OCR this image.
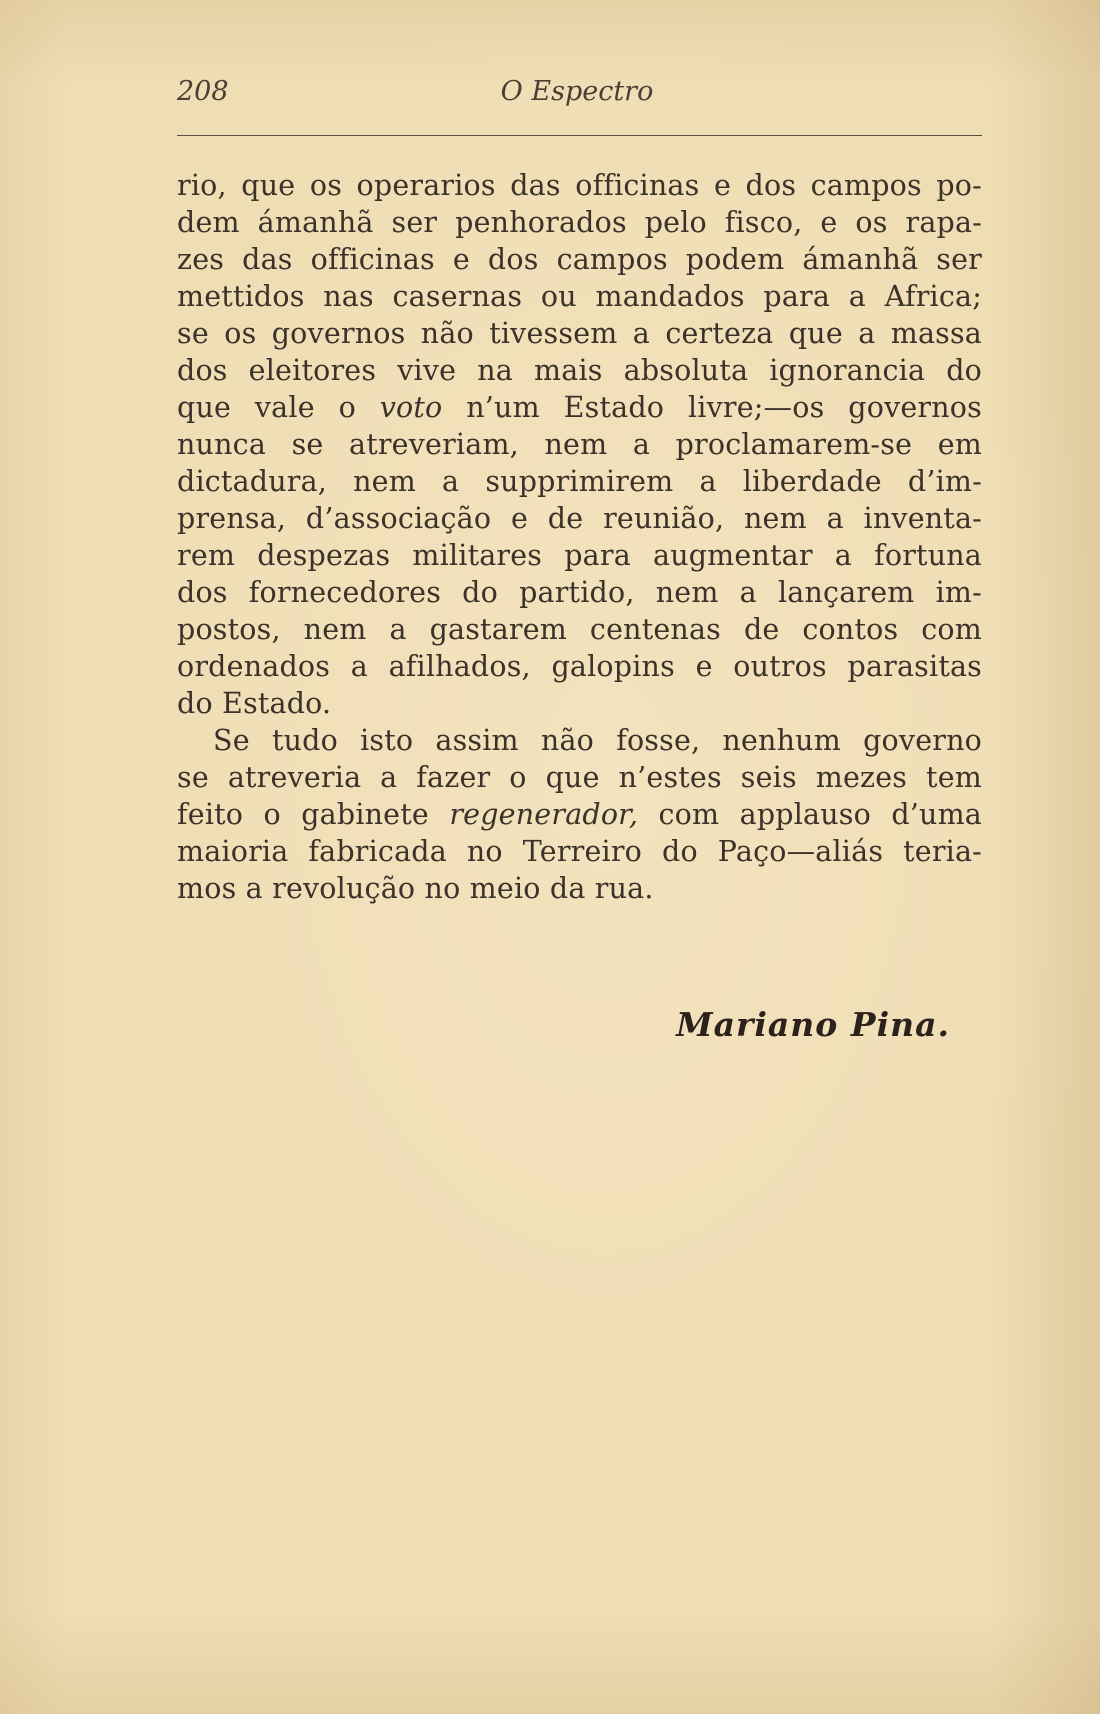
208	O Espectro
rio, que os operarios das officinas e dos campos po-
dem ámanhã ser penhorados pelo fisco, e os rapa-
zes das officinas e dos campos podem ámanhã ser
mettidos nas casernas ou mandados para a Africa;
se os governos não tivessem a certeza que a massa
dos eleitores vive na mais absoluta ignorancia do
que vale o voto n’um Estado livre;—os governos
nunca se atreveriam, nem a proclamarem-se em
dictadura, nem a supprimirem a liberdade d’im-
prensa, d’associação e de reunião, nem a inventa-
rem despezas militares para augmentar a fortuna
dos fornecedores do partido, nem a lançarem im-
postos, nem a gastarem centenas de contos com
ordenados a afilhados, galopins e outros parasitas
do Estado.
Se tudo isto assim não fosse, nenhum governo
se atreveria a fazer o que n’estes seis mezes tem
feito o gabinete regenerador, com applauso d’uma
maioria fabricada no Terreiro do Paço—aliás teria-
mos a revolução no meio da rua.
Mariano Pina.
